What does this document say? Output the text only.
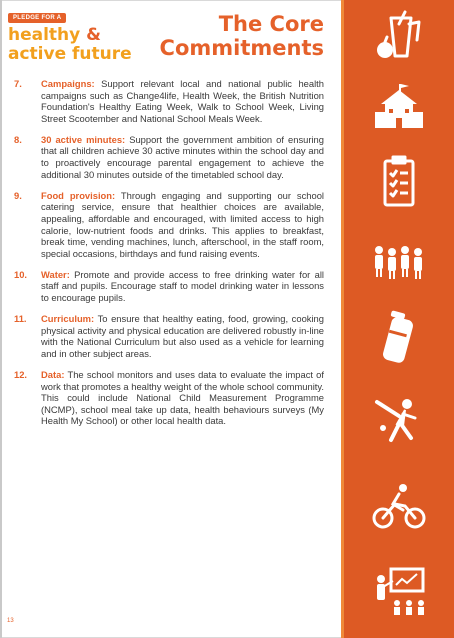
PLEDGE FOR A
healthy &
active future
The Core
Commitments
7. Campaigns: Support relevant local and national public health campaigns such as Change4life, Health Week, the British Nutrition Foundation's Healthy Eating Week, Walk to School Week, Living Street Scootember and National School Meals Week.
8. 30 active minutes: Support the government ambition of ensuring that all children achieve 30 active minutes within the school day and to proactively encourage parental engagement to achieve the additional 30 minutes outside of the timetabled school day.
9. Food provision: Through engaging and supporting our school catering service, ensure that healthier choices are available, appealing, affordable and encouraged, with limited access to high calorie, low-nutrient foods and drinks. This applies to breakfast, break time, vending machines, lunch, afterschool, in the staff room, special occasions, birthdays and fund raising events.
10. Water: Promote and provide access to free drinking water for all staff and pupils. Encourage staff to model drinking water in lessons to encourage pupils.
11. Curriculum: To ensure that healthy eating, food, growing, cooking physical activity and physical education are delivered robustly in-line with the National Curriculum but also used as a vehicle for learning and in other subject areas.
12. Data: The school monitors and uses data to evaluate the impact of work that promotes a healthy weight of the whole school community. This could include National Child Measurement Programme (NCMP), school meal take up data, health behaviours surveys (My Health My School) or other local health data.
13
